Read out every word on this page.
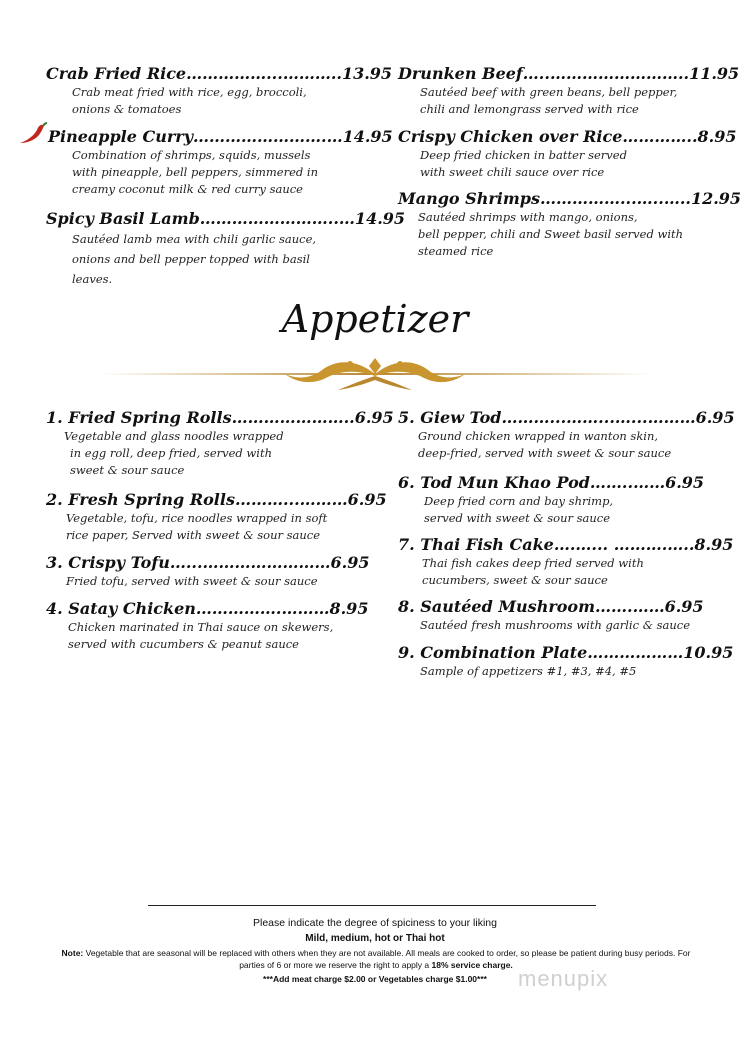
Crab Fried Rice……………...………..13.95
Crab meat fried with rice, egg, broccoli,
onions & tomatoes
Pineapple Curry…………………….…14.95
Combination of shrimps, squids, mussels
with pineapple, bell peppers, simmered in
creamy coconut milk & red curry sauce
Spicy Basil Lamb……………………..…14.95
Sautéed lamb mea with chili garlic sauce,
onions and bell pepper topped with basil
leaves.
Drunken Beef…..……………………..11.95
Sautéed beef with green beans, bell pepper,
chili and lemongrass served with rice
Crispy Chicken over Rice…………..8.95
Deep fried chicken in batter served
with sweet chili sauce over rice
Mango Shrimps……………...…..…..12.95
Sautéed shrimps with mango, onions,
bell pepper, chili and Sweet basil served with
steamed rice
Appetizer
1. Fried Spring Rolls…………………..6.95
Vegetable and glass noodles wrapped
in egg roll, deep fried, served with
sweet & sour sauce
2. Fresh Spring Rolls………...………6.95
Vegetable, tofu, rice noodles wrapped in soft
rice paper, Served with sweet & sour sauce
3. Crispy Tofu…...……………………6.95
Fried tofu, served with sweet & sour sauce
4. Satay Chicken…………….………8.95
Chicken marinated in Thai sauce on skewers,
served with cucumbers & peanut sauce
5. Giew Tod………...……...…...………6.95
Ground chicken wrapped in wanton skin,
deep-fried, served with sweet & sour sauce
6. Tod Mun Khao Pod……..……6.95
Deep fried corn and bay shrimp,
served with sweet & sour sauce
7. Thai Fish Cake….…... ……….…..8.95
Thai fish cakes deep fried served with
cucumbers, sweet & sour sauce
8. Sautéed Mushroom…….……6.95
Sautéed fresh mushrooms with garlic & sauce
9. Combination Plate………………10.95
Sample of appetizers #1, #3, #4, #5
Please indicate the degree of spiciness to your liking
Mild, medium, hot or Thai hot
Note: Vegetable that are seasonal will be replaced with others when they are not available. All meals are cooked to order, so please be patient during busy periods. For
parties of 6 or more we reserve the right to apply a 18% service charge.
***Add meat charge $2.00 or Vegetables charge $1.00***	menupix
